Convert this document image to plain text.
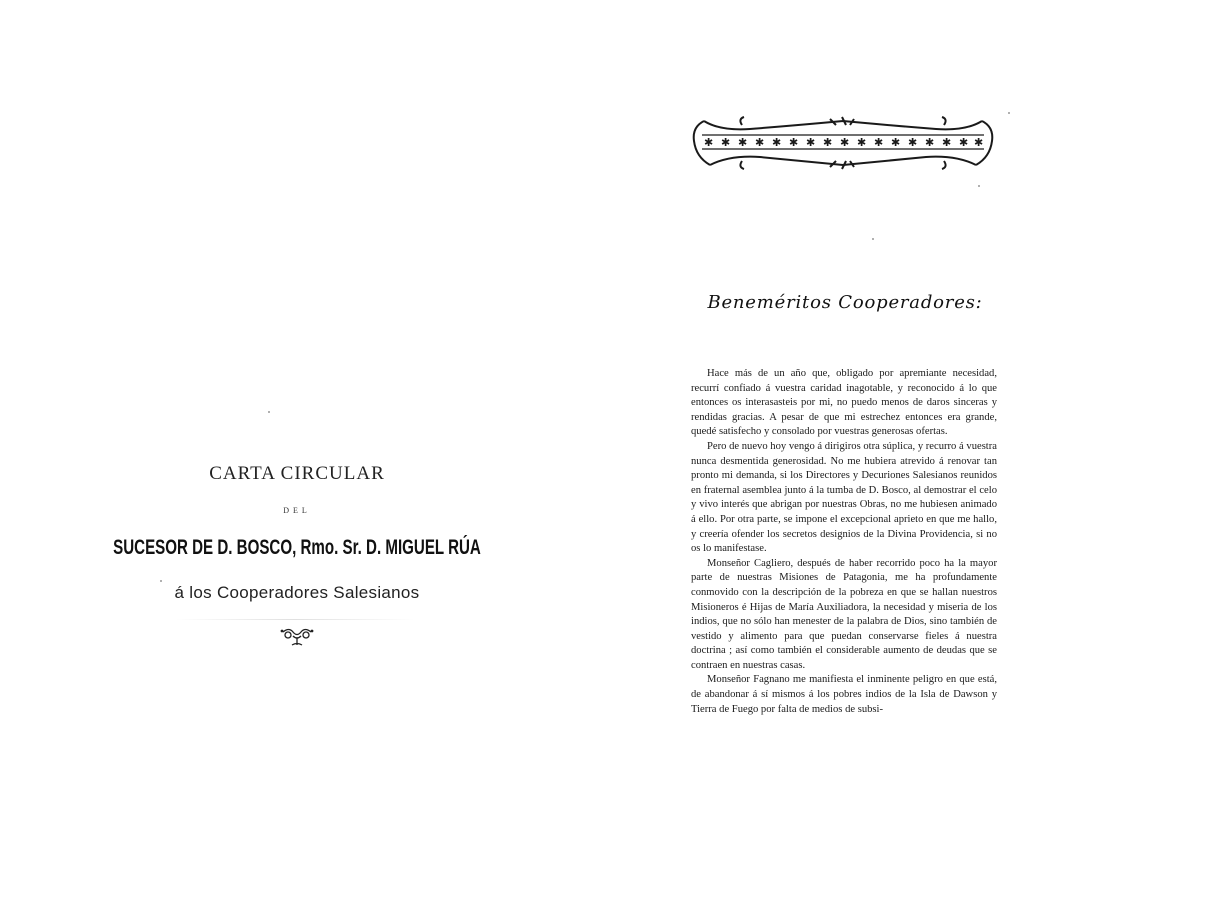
CARTA CIRCULAR
DEL
SUCESOR DE D. BOSCO, Rmo. Sr. D. MIGUEL RÚA
á los Cooperadores Salesianos
✱ ✱ ✱ ✱ ✱ ✱ ✱ ✱ ✱ ✱ ✱ ✱ ✱ ✱ ✱ ✱ ✱
Beneméritos Cooperadores:

Hace más de un año que, obligado por apremiante necesidad, recurrí confiado á vuestra caridad inagotable, y reconocido á lo que entonces os interasasteis por mi, no puedo menos de daros sinceras y rendidas gracias. A pesar de que mi estrechez entonces era grande, quedé satisfecho y consolado por vuestras generosas ofertas.

Pero de nuevo hoy vengo á dirigiros otra súplica, y recurro á vuestra nunca desmentida generosidad. No me hubiera atrevido á renovar tan pronto mi demanda, si los Directores y Decuriones Salesianos reunidos en fraternal asemblea junto á la tumba de D. Bosco, al demostrar el celo y vivo interés que abrigan por nuestras Obras, no me hubiesen animado á ello. Por otra parte, se impone el excepcional aprieto en que me hallo, y creería ofender los secretos designios de la Divina Providencia, si no os lo manifestase.

Monseñor Cagliero, después de haber recorrido poco ha la mayor parte de nuestras Misiones de Patagonia, me ha profundamente conmovido con la descripción de la pobreza en que se hallan nuestros Misioneros é Hijas de María Auxiliadora, la necesidad y miseria de los indios, que no sólo han menester de la palabra de Dios, sino también de vestido y alimento para que puedan conservarse fieles á nuestra doctrina ; así como también el considerable aumento de deudas que se contraen en nuestras casas.

Monseñor Fagnano me manifiesta el inminente peligro en que está, de abandonar á sí mismos á los pobres indios de la Isla de Dawson y Tierra de Fuego por falta de medios de subsi-
